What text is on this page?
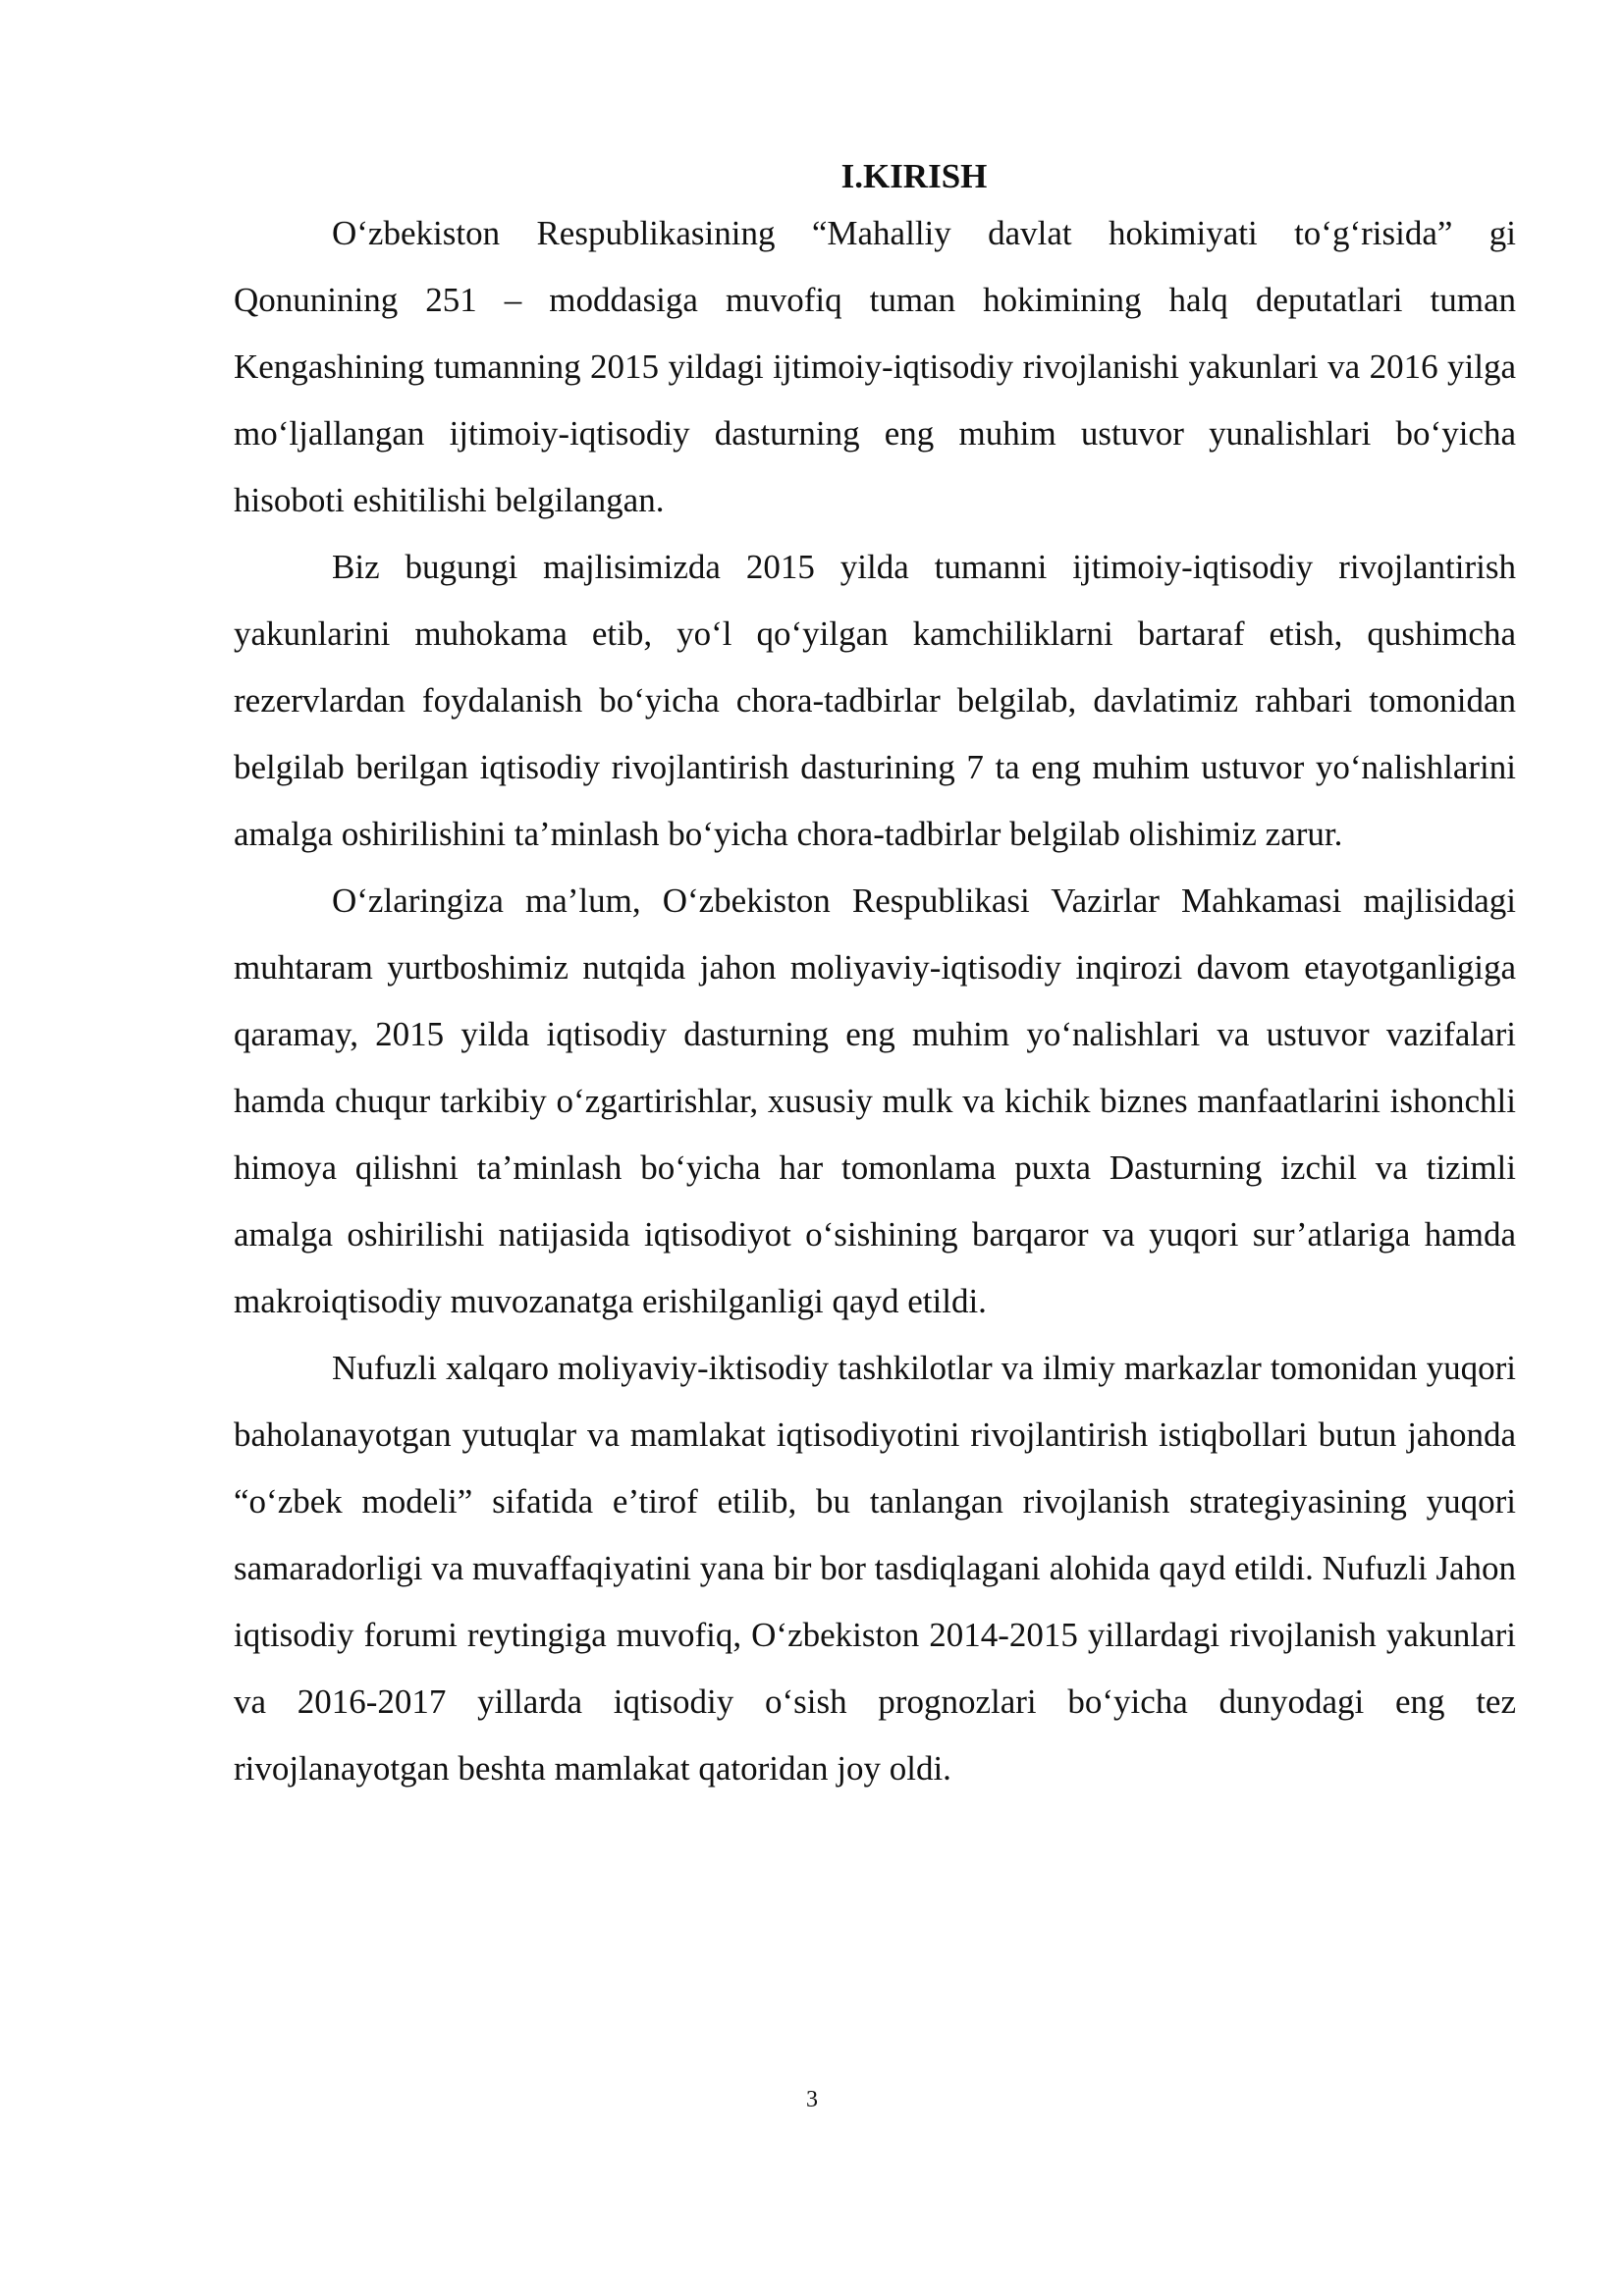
I.KIRISH

O‘zbekiston Respublikasining “Mahalliy davlat hokimiyati to‘g‘risida” gi Qonunining 251 – moddasiga muvofiq tuman hokimining halq deputatlari tuman Kengashining tumanning 2015 yildagi ijtimoiy-iqtisodiy rivojlanishi yakunlari va 2016 yilga mo‘ljallangan ijtimoiy-iqtisodiy dasturning eng muhim ustuvor yunalishlari bo‘yicha hisoboti eshitilishi belgilangan.

Biz bugungi majlisimizda 2015 yilda tumanni ijtimoiy-iqtisodiy rivojlantirish yakunlarini muhokama etib, yo‘l qo‘yilgan kamchiliklarni bartaraf etish, qushimcha rezervlardan foydalanish bo‘yicha chora-tadbirlar belgilab, davlatimiz rahbari tomonidan belgilab berilgan iqtisodiy rivojlantirish dasturining 7 ta eng muhim ustuvor yo‘nalishlarini amalga oshirilishini ta’minlash bo‘yicha chora-tadbirlar belgilab olishimiz zarur.

O‘zlaringiza ma’lum, O‘zbekiston Respublikasi Vazirlar Mahkamasi majlisidagi muhtaram yurtboshimiz nutqida jahon moliyaviy-iqtisodiy inqirozi davom etayotganligiga qaramay, 2015 yilda iqtisodiy dasturning eng muhim yo‘nalishlari va ustuvor vazifalari hamda chuqur tarkibiy o‘zgartirishlar, xususiy mulk va kichik biznes manfaatlarini ishonchli himoya qilishni ta’minlash bo‘yicha har tomonlama puxta Dasturning izchil va tizimli amalga oshirilishi natijasida iqtisodiyot o‘sishining barqaror va yuqori sur’atlariga hamda makroiqtisodiy muvozanatga erishilganligi qayd etildi.

Nufuzli xalqaro moliyaviy-iktisodiy tashkilotlar va ilmiy markazlar tomonidan yuqori baholanayotgan yutuqlar va mamlakat iqtisodiyotini rivojlantirish istiqbollari butun jahonda “o‘zbek modeli” sifatida e’tirof etilib, bu tanlangan rivojlanish strategiyasining yuqori samaradorligi va muvaffaqiyatini yana bir bor tasdiqlagani alohida qayd etildi. Nufuzli Jahon iqtisodiy forumi reytingiga muvofiq, O‘zbekiston 2014-2015 yillardagi rivojlanish yakunlari va 2016-2017 yillarda iqtisodiy o‘sish prognozlari bo‘yicha dunyodagi eng tez rivojlanayotgan beshta mamlakat qatoridan joy oldi.

3
